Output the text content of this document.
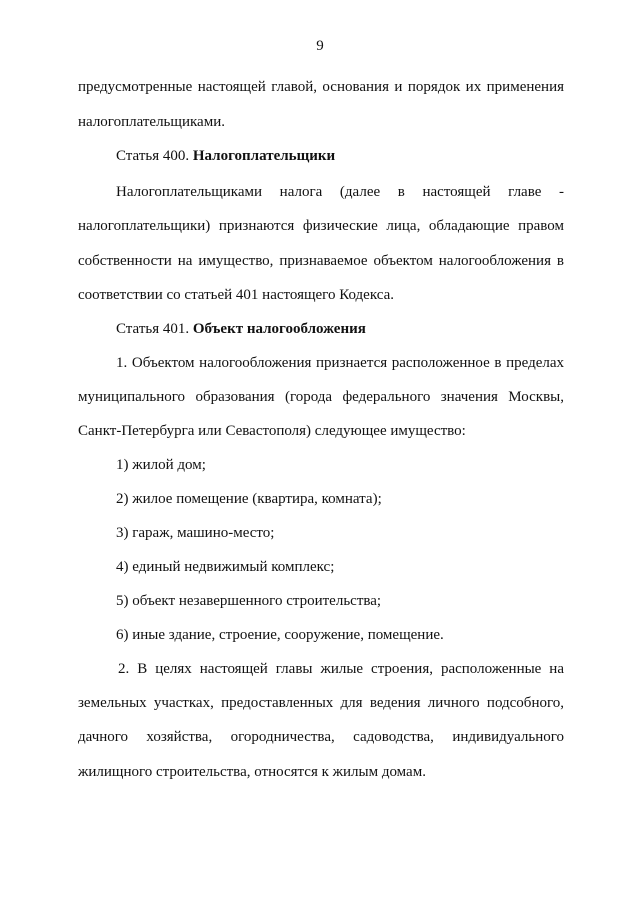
9
предусмотренные настоящей главой, основания и порядок их применения
налогоплательщиками.
Статья 400. Налогоплательщики
Налогоплательщиками налога (далее в настоящей главе -
налогоплательщики) признаются физические лица, обладающие правом
собственности на имущество, признаваемое объектом налогообложения в
соответствии со статьей 401 настоящего Кодекса.
Статья 401. Объект налогообложения
1. Объектом налогообложения признается расположенное в пределах
муниципального образования (города федерального значения Москвы,
Санкт-Петербурга или Севастополя) следующее имущество:
1) жилой дом;
2) жилое помещение (квартира, комната);
3) гараж, машино-место;
4) единый недвижимый комплекс;
5) объект незавершенного строительства;
6) иные здание, строение, сооружение, помещение.
2. В целях настоящей главы жилые строения, расположенные на
земельных участках, предоставленных для ведения личного подсобного,
дачного хозяйства, огородничества, садоводства, индивидуального
жилищного строительства, относятся к жилым домам.
